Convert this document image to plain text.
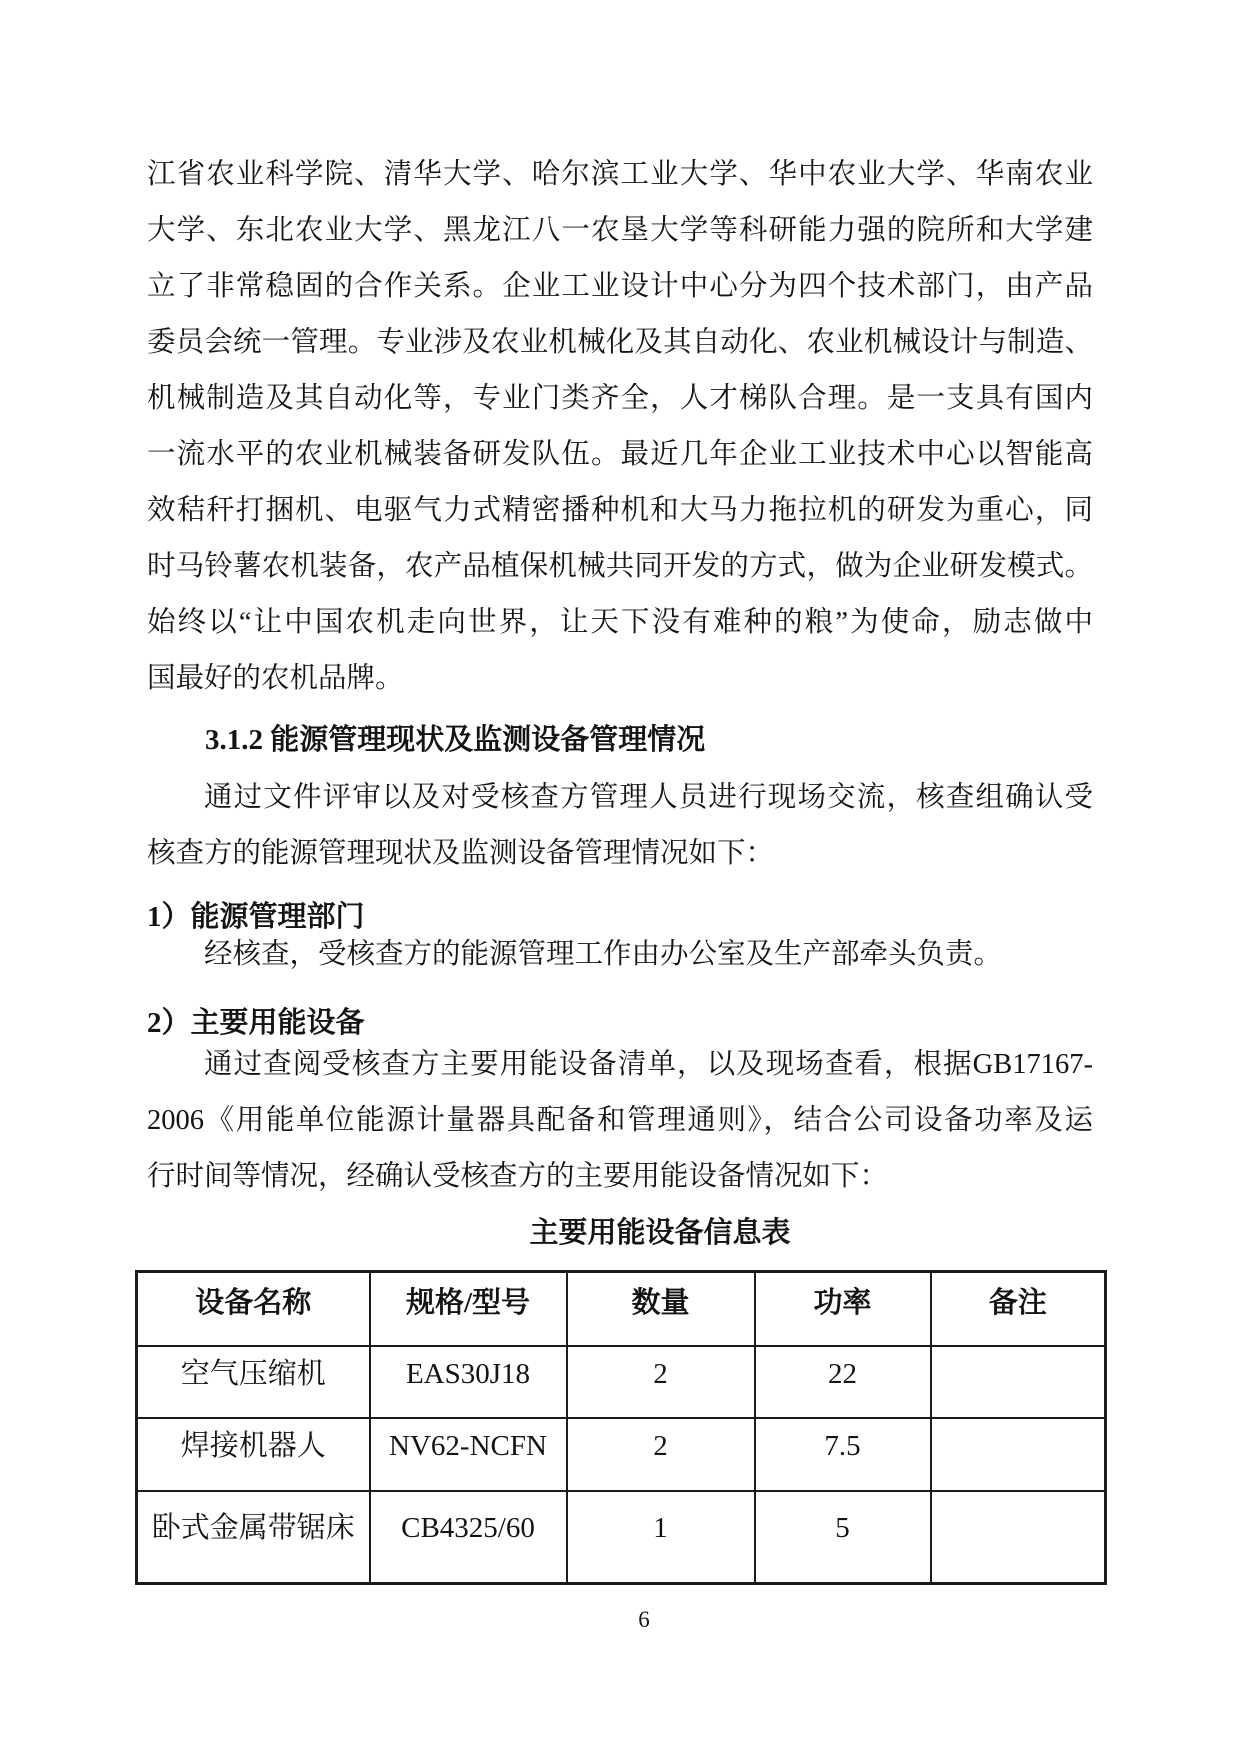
江省农业科学院、清华大学、哈尔滨工业大学、华中农业大学、华南农业
大学、东北农业大学、黑龙江八一农垦大学等科研能力强的院所和大学建
立了非常稳固的合作关系。企业工业设计中心分为四个技术部门，由产品
委员会统一管理。专业涉及农业机械化及其自动化、农业机械设计与制造、
机械制造及其自动化等，专业门类齐全，人才梯队合理。是一支具有国内
一流水平的农业机械装备研发队伍。最近几年企业工业技术中心以智能高
效秸秆打捆机、电驱气力式精密播种机和大马力拖拉机的研发为重心，同
时马铃薯农机装备，农产品植保机械共同开发的方式，做为企业研发模式。
始终以“让中国农机走向世界，让天下没有难种的粮”为使命，励志做中
国最好的农机品牌。

3.1.2 能源管理现状及监测设备管理情况

通过文件评审以及对受核查方管理人员进行现场交流，核查组确认受
核查方的能源管理现状及监测设备管理情况如下：

1）能源管理部门

经核查，受核查方的能源管理工作由办公室及生产部牵头负责。

2）主要用能设备

通过查阅受核查方主要用能设备清单，以及现场查看，根据GB17167-
2006《用能单位能源计量器具配备和管理通则》，结合公司设备功率及运
行时间等情况，经确认受核查方的主要用能设备情况如下：

主要用能设备信息表
设备名称	规格/型号	数量	功率	备注
空气压缩机	EAS30J18	2	22	
焊接机器人	NV62-NCFN	2	7.5	
卧式金属带锯床	CB4325/60	1	5	
6
